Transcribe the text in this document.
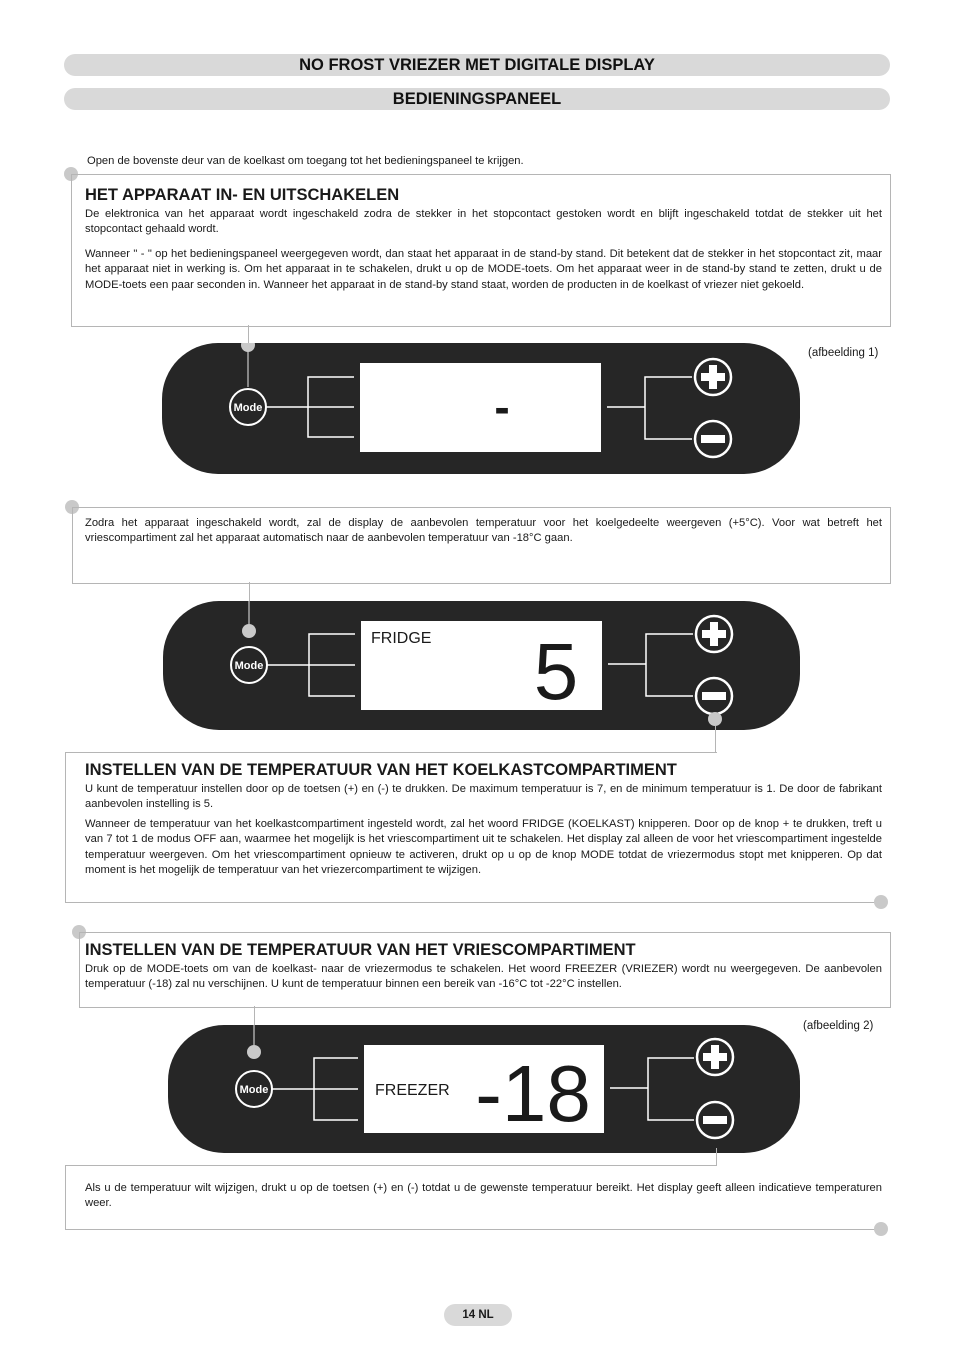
NO FROST VRIEZER MET DIGITALE DISPLAY
BEDIENINGSPANEEL
Open de bovenste deur van de koelkast om toegang tot het bedieningspaneel te krijgen.
HET APPARAAT IN- EN UITSCHAKELEN
De elektronica van het apparaat wordt ingeschakeld zodra de stekker in het stopcontact gestoken wordt en blijft ingeschakeld totdat de stekker uit het stopcontact gehaald wordt.
Wanneer " - " op het bedieningspaneel weergegeven wordt, dan staat het apparaat in de stand-by stand. Dit betekent dat de stekker in het stopcontact zit, maar het apparaat niet in werking is. Om het apparaat in te schakelen, drukt u op de MODE-toets. Om het apparaat weer in de stand-by stand te zetten, drukt u de MODE-toets een paar seconden in. Wanneer het apparaat in de stand-by stand staat, worden de producten in de koelkast of vriezer niet gekoeld.
(afbeelding 1)
Mode	-
Zodra het apparaat ingeschakeld wordt, zal de display de aanbevolen temperatuur voor het koelgedeelte weergeven (+5°C). Voor wat betreft het vriescompartiment zal het apparaat automatisch naar de aanbevolen temperatuur van -18°C gaan.
Mode
FRIDGE 5
INSTELLEN VAN DE TEMPERATUUR VAN HET KOELKASTCOMPARTIMENT
U kunt de temperatuur instellen door op de toetsen (+) en (-) te drukken. De maximum temperatuur is 7, en de minimum temperatuur is 1. De door de fabrikant aanbevolen instelling is 5.
Wanneer de temperatuur van het koelkastcompartiment ingesteld wordt, zal het woord FRIDGE (KOELKAST) knipperen. Door op de knop + te drukken, treft u van 7 tot 1 de modus OFF aan, waarmee het mogelijk is het vriescompartiment uit te schakelen. Het display zal alleen de voor het vriescompartiment ingestelde temperatuur weergeven. Om het vriescompartiment opnieuw te activeren, drukt op u op de knop MODE totdat de vriezermodus stopt met knipperen. Op dat moment is het mogelijk de temperatuur van het vriezercompartiment te wijzigen.
INSTELLEN VAN DE TEMPERATUUR VAN HET VRIESCOMPARTIMENT
Druk op de MODE-toets om van de koelkast- naar de vriezermodus te schakelen. Het woord FREEZER (VRIEZER) wordt nu weergegeven. De aanbevolen temperatuur (-18) zal nu verschijnen. U kunt de temperatuur binnen een bereik van -16°C tot -22°C instellen.
(afbeelding 2)
Mode	FREEZER -18
Als u de temperatuur wilt wijzigen, drukt u op de toetsen (+) en (-) totdat u de gewenste temperatuur bereikt. Het display geeft alleen indicatieve temperaturen weer.
14 NL
